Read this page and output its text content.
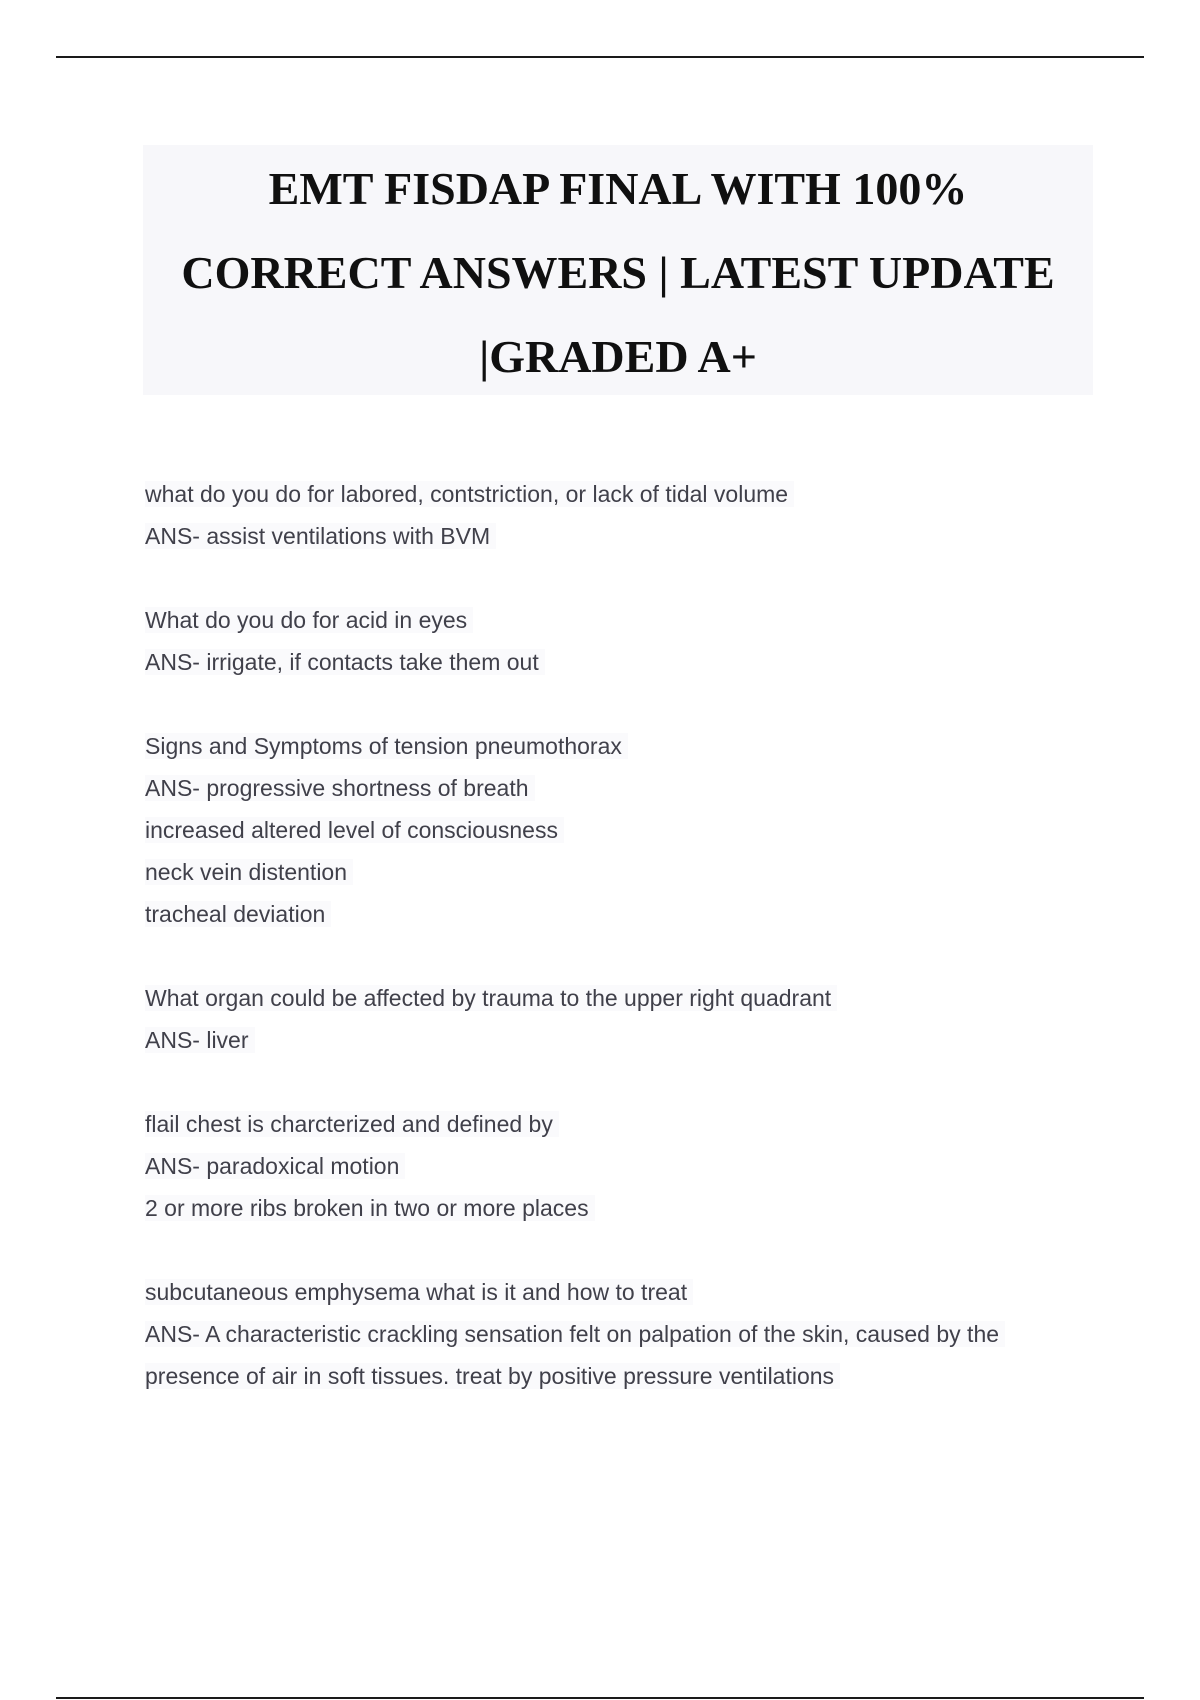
EMT FISDAP FINAL WITH 100%
CORRECT ANSWERS | LATEST UPDATE
|GRADED A+
what do you do for labored, contstriction, or lack of tidal volume
ANS- assist ventilations with BVM
What do you do for acid in eyes
ANS- irrigate, if contacts take them out
Signs and Symptoms of tension pneumothorax
ANS- progressive shortness of breath
increased altered level of consciousness
neck vein distention
tracheal deviation
What organ could be affected by trauma to the upper right quadrant
ANS- liver
flail chest is charcterized and defined by
ANS- paradoxical motion
2 or more ribs broken in two or more places
subcutaneous emphysema what is it and how to treat
ANS- A characteristic crackling sensation felt on palpation of the skin, caused by the
presence of air in soft tissues. treat by positive pressure ventilations
